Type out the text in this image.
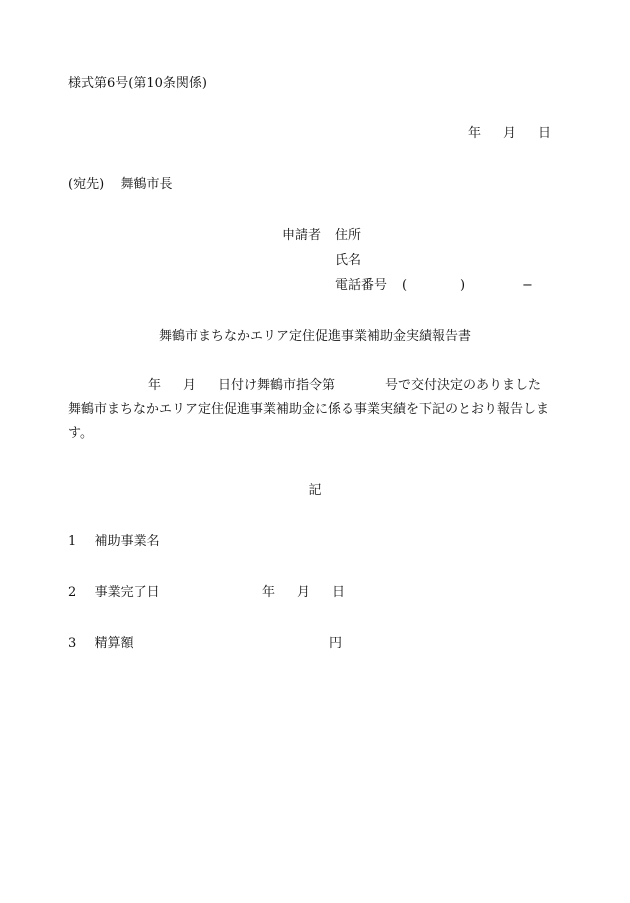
様式第6号(第10条関係)
年 月 日
(宛先) 舞鶴市長
申請者 住所
氏名
電話番号 (	)	−
舞鶴市まちなかエリア定住促進事業補助金実績報告書
年 月 日付け舞鶴市指令第	号で交付決定のありました
舞鶴市まちなかエリア定住促進事業補助金に係る事業実績を下記のとおり報告しま
す。
記
1 補助事業名
2 事業完了日	年 月 日
3 精算額	円
